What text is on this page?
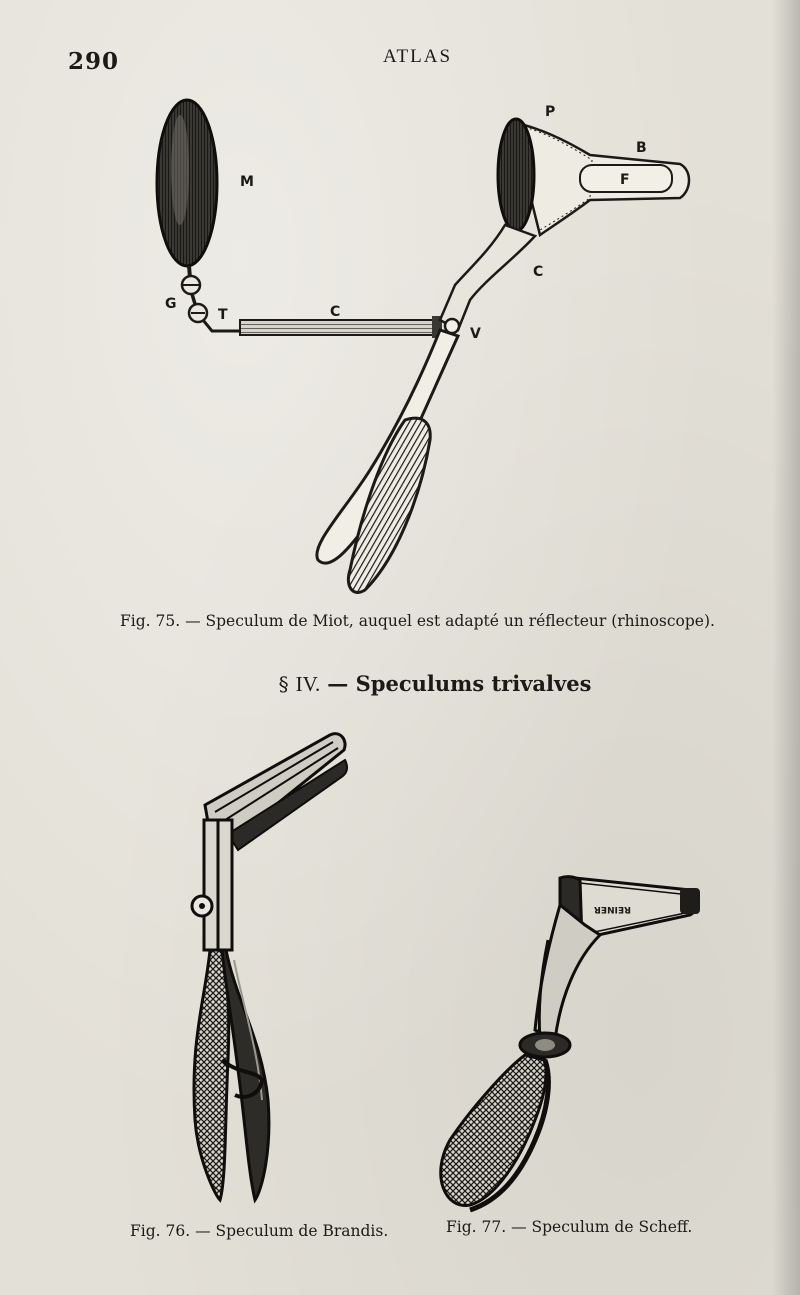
290	ATLAS
M
G
T	C
C
V
P
B
F
REINER
Fig. 75. — Speculum de Miot, auquel est adapté un réflecteur (rhinoscope).
§ IV. — Speculums trivalves
Fig. 76. — Speculum de Brandis.	Fig. 77. — Speculum de Scheff.
